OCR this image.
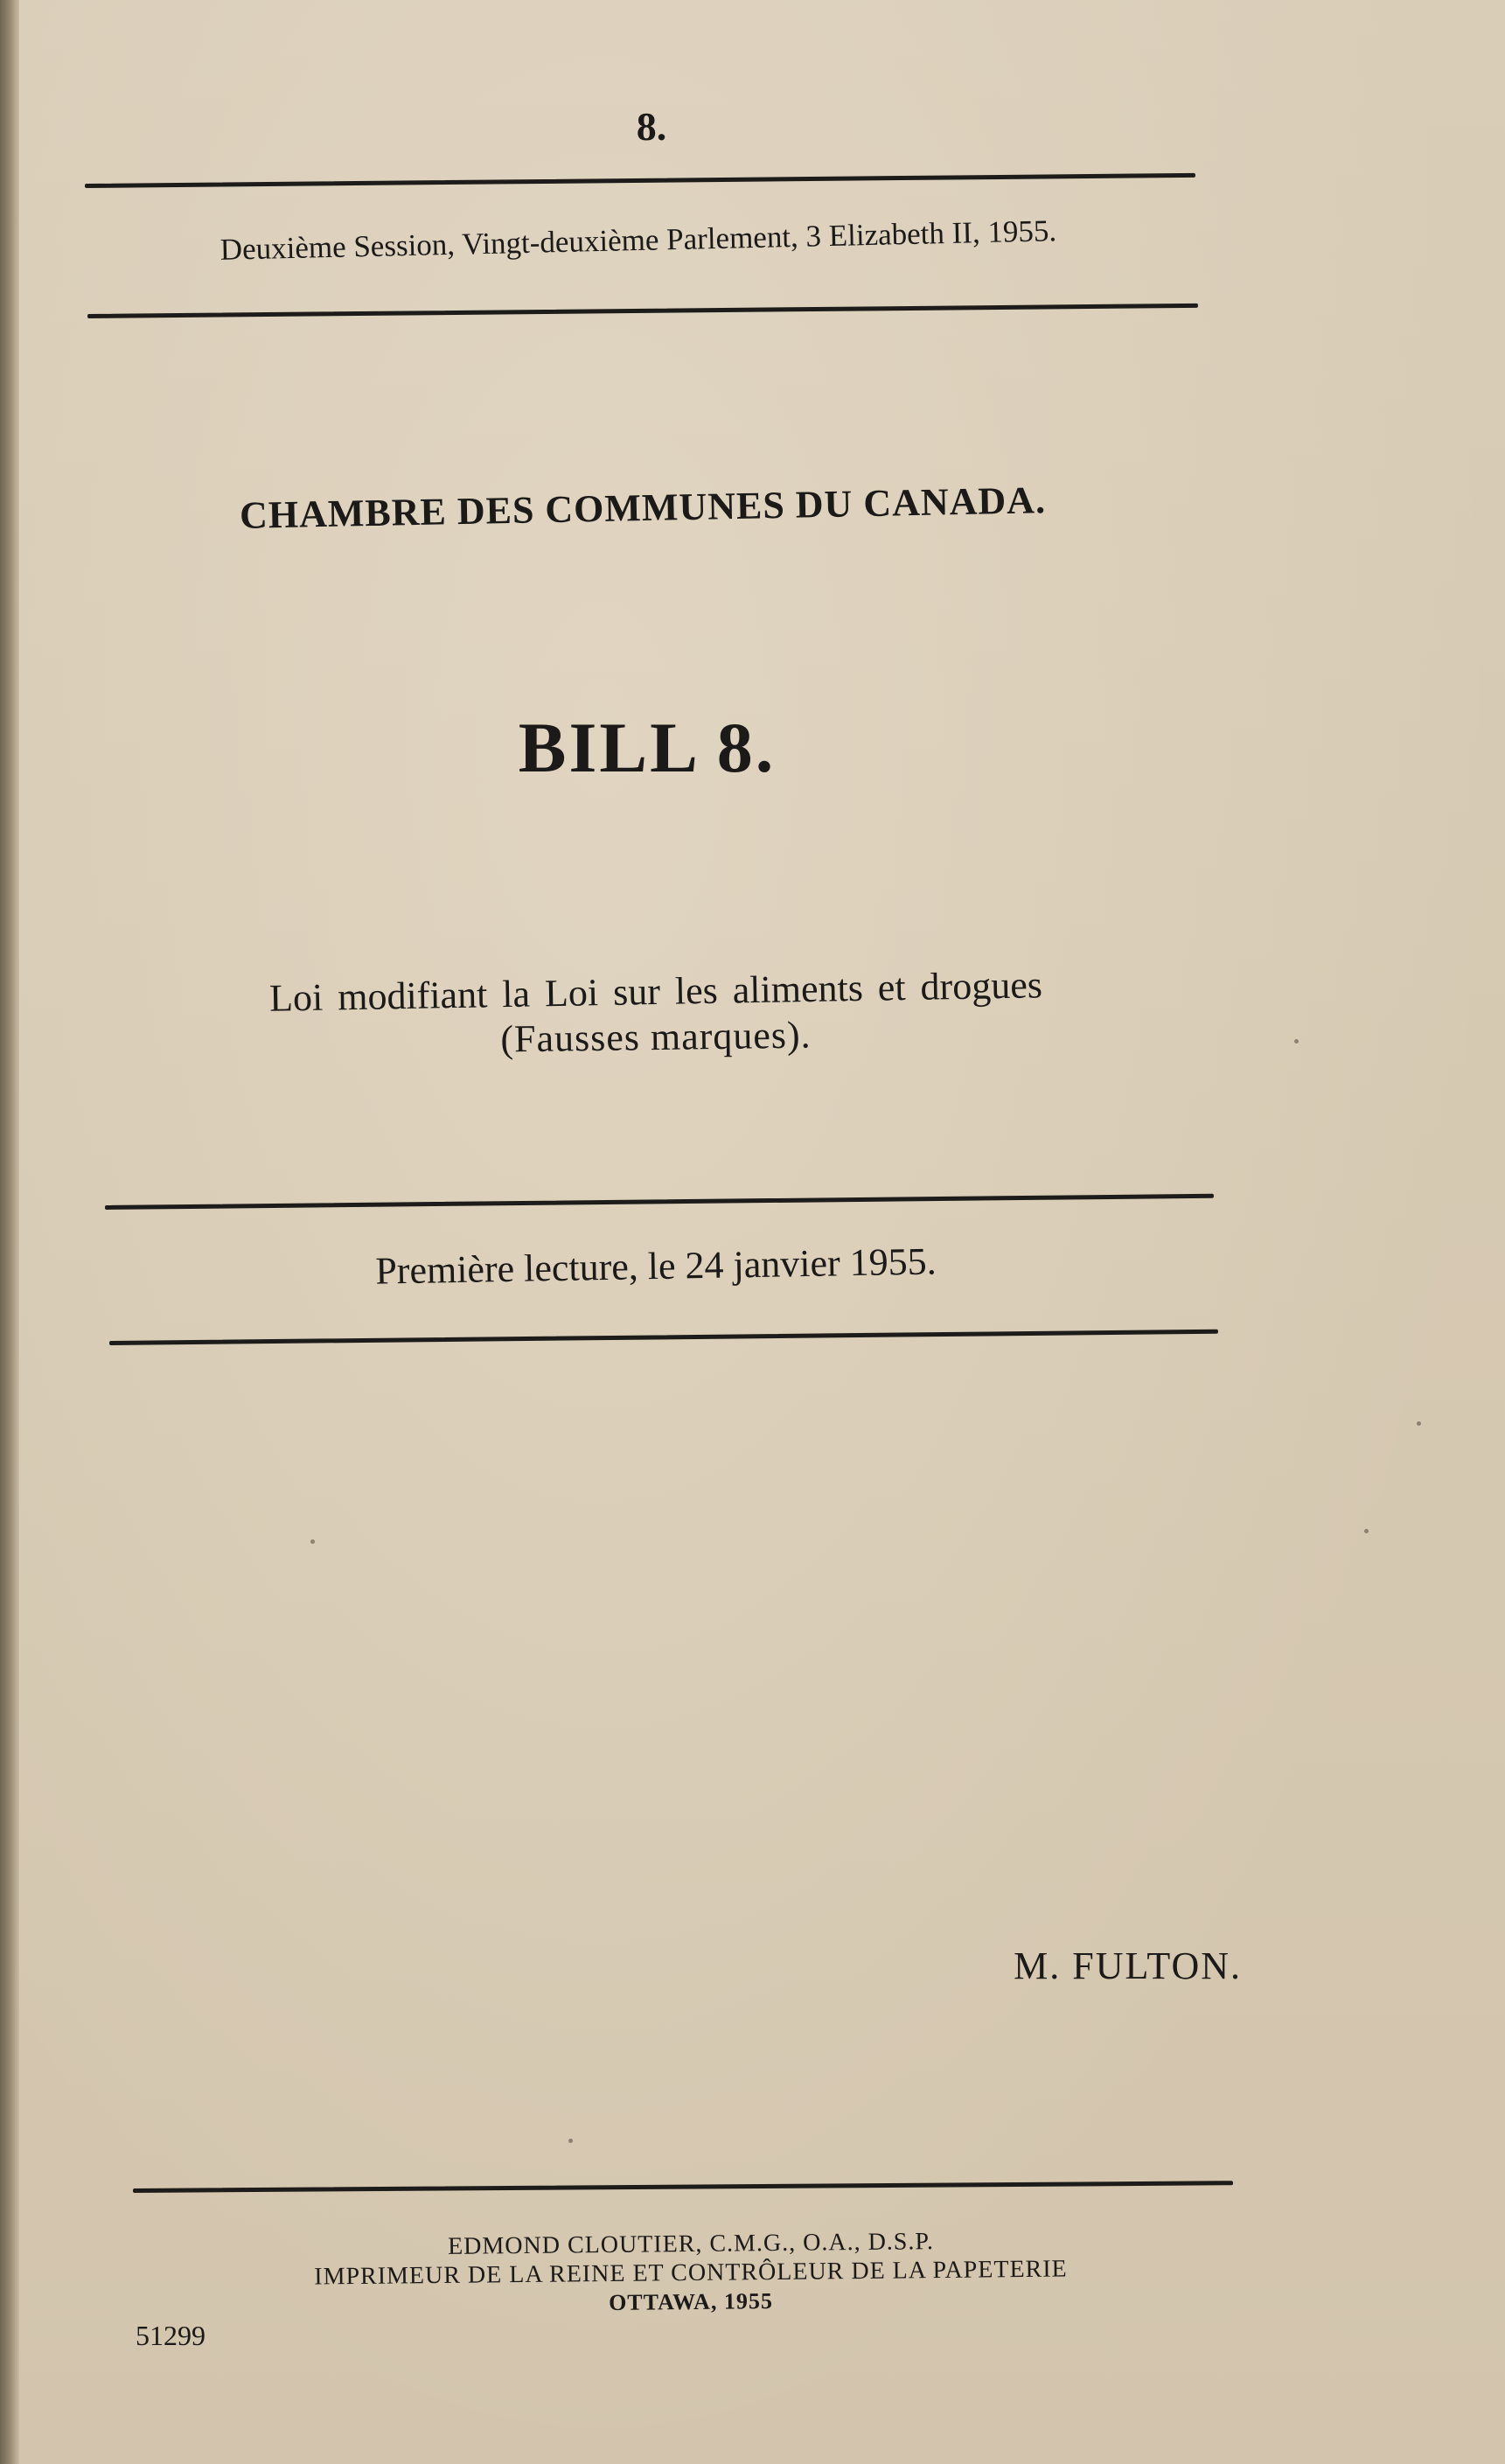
8.
Deuxième Session, Vingt-deuxième Parlement, 3 Elizabeth II, 1955.
CHAMBRE DES COMMUNES DU CANADA.
BILL 8.
Loi modifiant la Loi sur les aliments et drogues
(Fausses marques).
Première lecture, le 24 janvier 1955.
M. FULTON.
EDMOND CLOUTIER, C.M.G., O.A., D.S.P.
IMPRIMEUR DE LA REINE ET CONTRÔLEUR DE LA PAPETERIE
OTTAWA, 1955
51299
